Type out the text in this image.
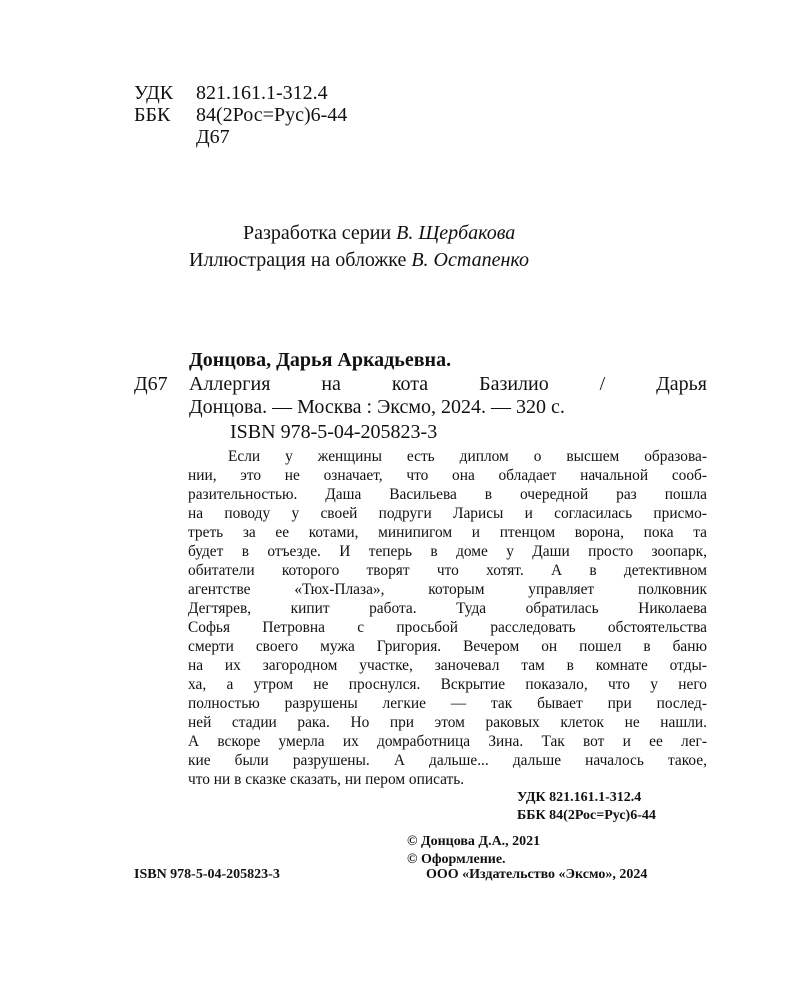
УДК 821.161.1-312.4
ББК 84(2Рос=Рус)6-44
Д67
Разработка серии В. Щербакова
Иллюстрация на обложке В. Остапенко
Донцова, Дарья Аркадьевна.
Д67 Аллергия на кота Базилио / Дарья
Донцова. — Москва : Эксмо, 2024. — 320 с.
ISBN 978-5-04-205823-3
Если у женщины есть диплом о высшем образова-
нии, это не означает, что она обладает начальной сооб-
разительностью. Даша Васильева в очередной раз пошла
на поводу у своей подруги Ларисы и согласилась присмо-
треть за ее котами, минипигом и птенцом ворона, пока та
будет в отъезде. И теперь в доме у Даши просто зоопарк,
обитатели которого творят что хотят. А в детективном
агентстве «Тюх-Плаза», которым управляет полковник
Дегтярев, кипит работа. Туда обратилась Николаева
Софья Петровна с просьбой расследовать обстоятельства
смерти своего мужа Григория. Вечером он пошел в баню
на их загородном участке, заночевал там в комнате отды-
ха, а утром не проснулся. Вскрытие показало, что у него
полностью разрушены легкие — так бывает при послед-
ней стадии рака. Но при этом раковых клеток не нашли.
А вскоре умерла их домработница Зина. Так вот и ее лег-
кие были разрушены. А дальше... дальше началось такое,
что ни в сказке сказать, ни пером описать.
УДК 821.161.1-312.4
ББК 84(2Рос=Рус)6-44
© Донцова Д.А., 2021
© Оформление.
ISBN 978-5-04-205823-3	ООО «Издательство «Эксмо», 2024
